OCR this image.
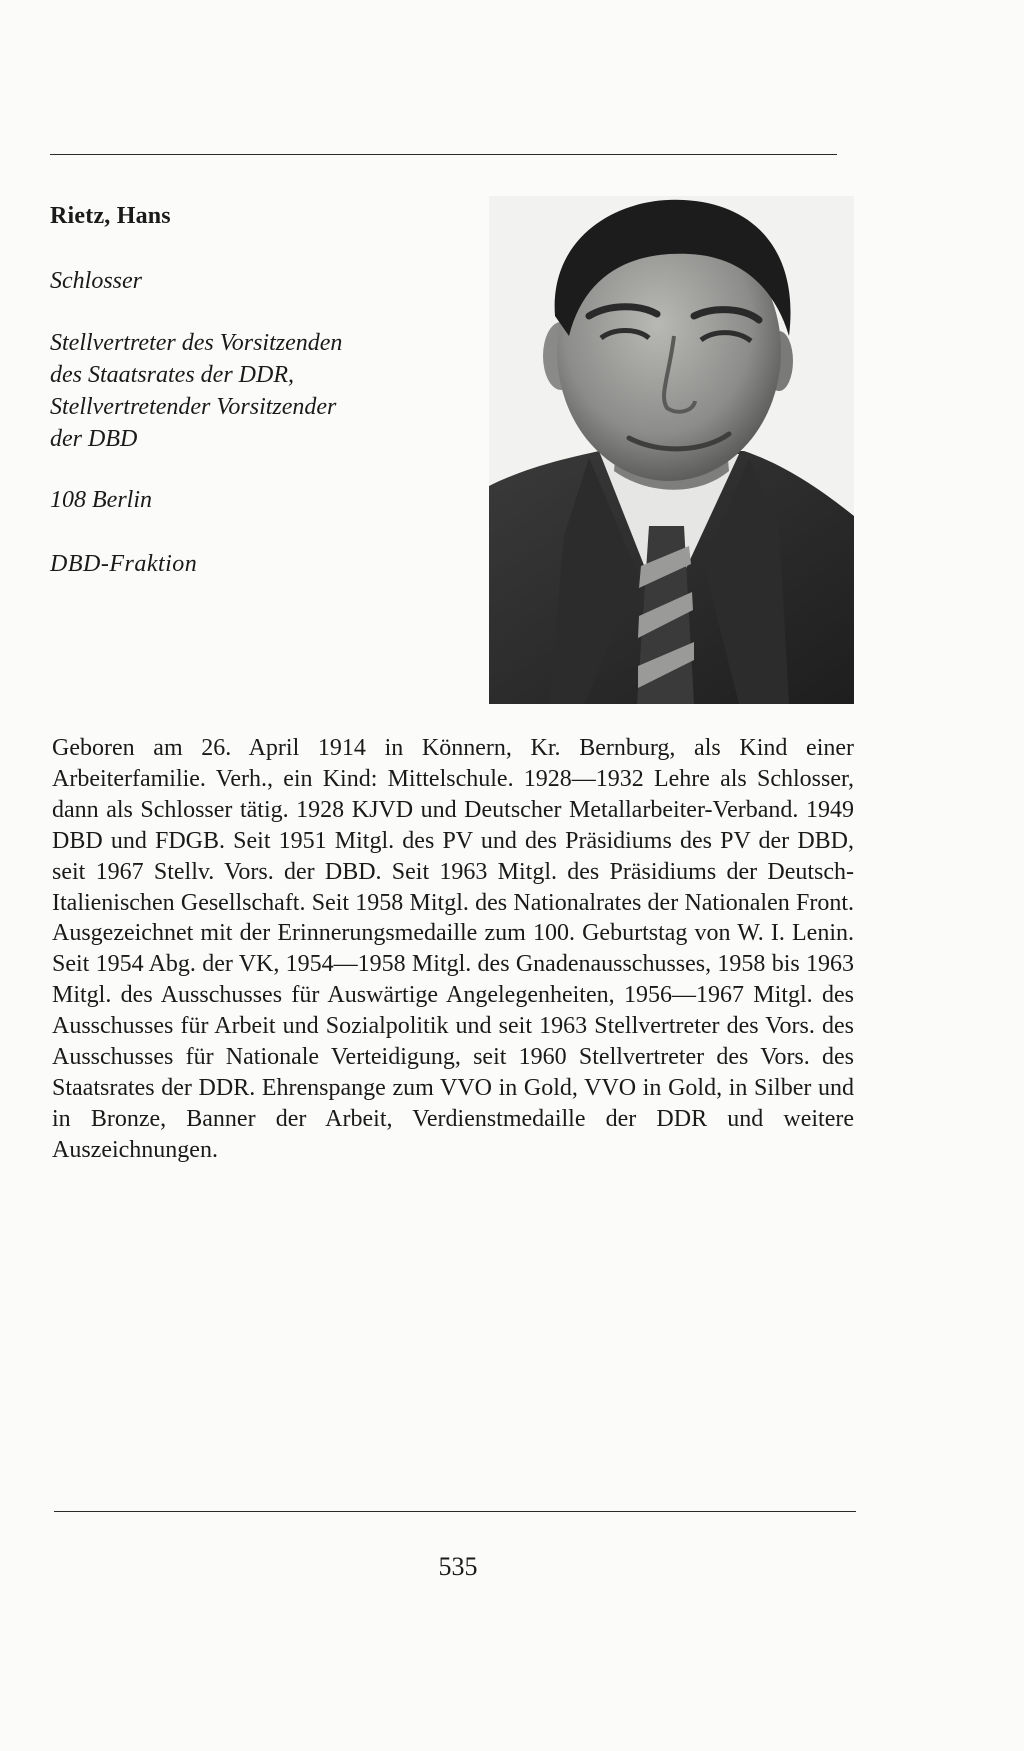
Rietz, Hans
Schlosser
Stellvertreter des Vorsitzenden
des Staatsrates der DDR,
Stellvertretender Vorsitzender
der DBD
108 Berlin
DBD-Fraktion
Geboren am 26. April 1914 in Könnern, Kr. Bernburg, als Kind einer Arbeiterfamilie. Verh., ein Kind: Mittelschule. 1928—1932 Lehre als Schlosser, dann als Schlosser tätig. 1928 KJVD und Deutscher Metallarbeiter-Verband. 1949 DBD und FDGB. Seit 1951 Mitgl. des PV und des Präsidiums des PV der DBD, seit 1967 Stellv. Vors. der DBD. Seit 1963 Mitgl. des Präsidiums der Deutsch-Italienischen Gesellschaft. Seit 1958 Mitgl. des Nationalrates der Nationalen Front. Ausgezeichnet mit der Erinnerungsmedaille zum 100. Geburtstag von W. I. Lenin. Seit 1954 Abg. der VK, 1954—1958 Mitgl. des Gnadenausschusses, 1958 bis 1963 Mitgl. des Ausschusses für Auswärtige Angelegenheiten, 1956—1967 Mitgl. des Ausschusses für Arbeit und Sozialpolitik und seit 1963 Stellvertreter des Vors. des Ausschusses für Nationale Verteidigung, seit 1960 Stellvertreter des Vors. des Staatsrates der DDR. Ehrenspange zum VVO in Gold, VVO in Gold, in Silber und in Bronze, Banner der Arbeit, Verdienstmedaille der DDR und weitere Auszeichnungen.
535
